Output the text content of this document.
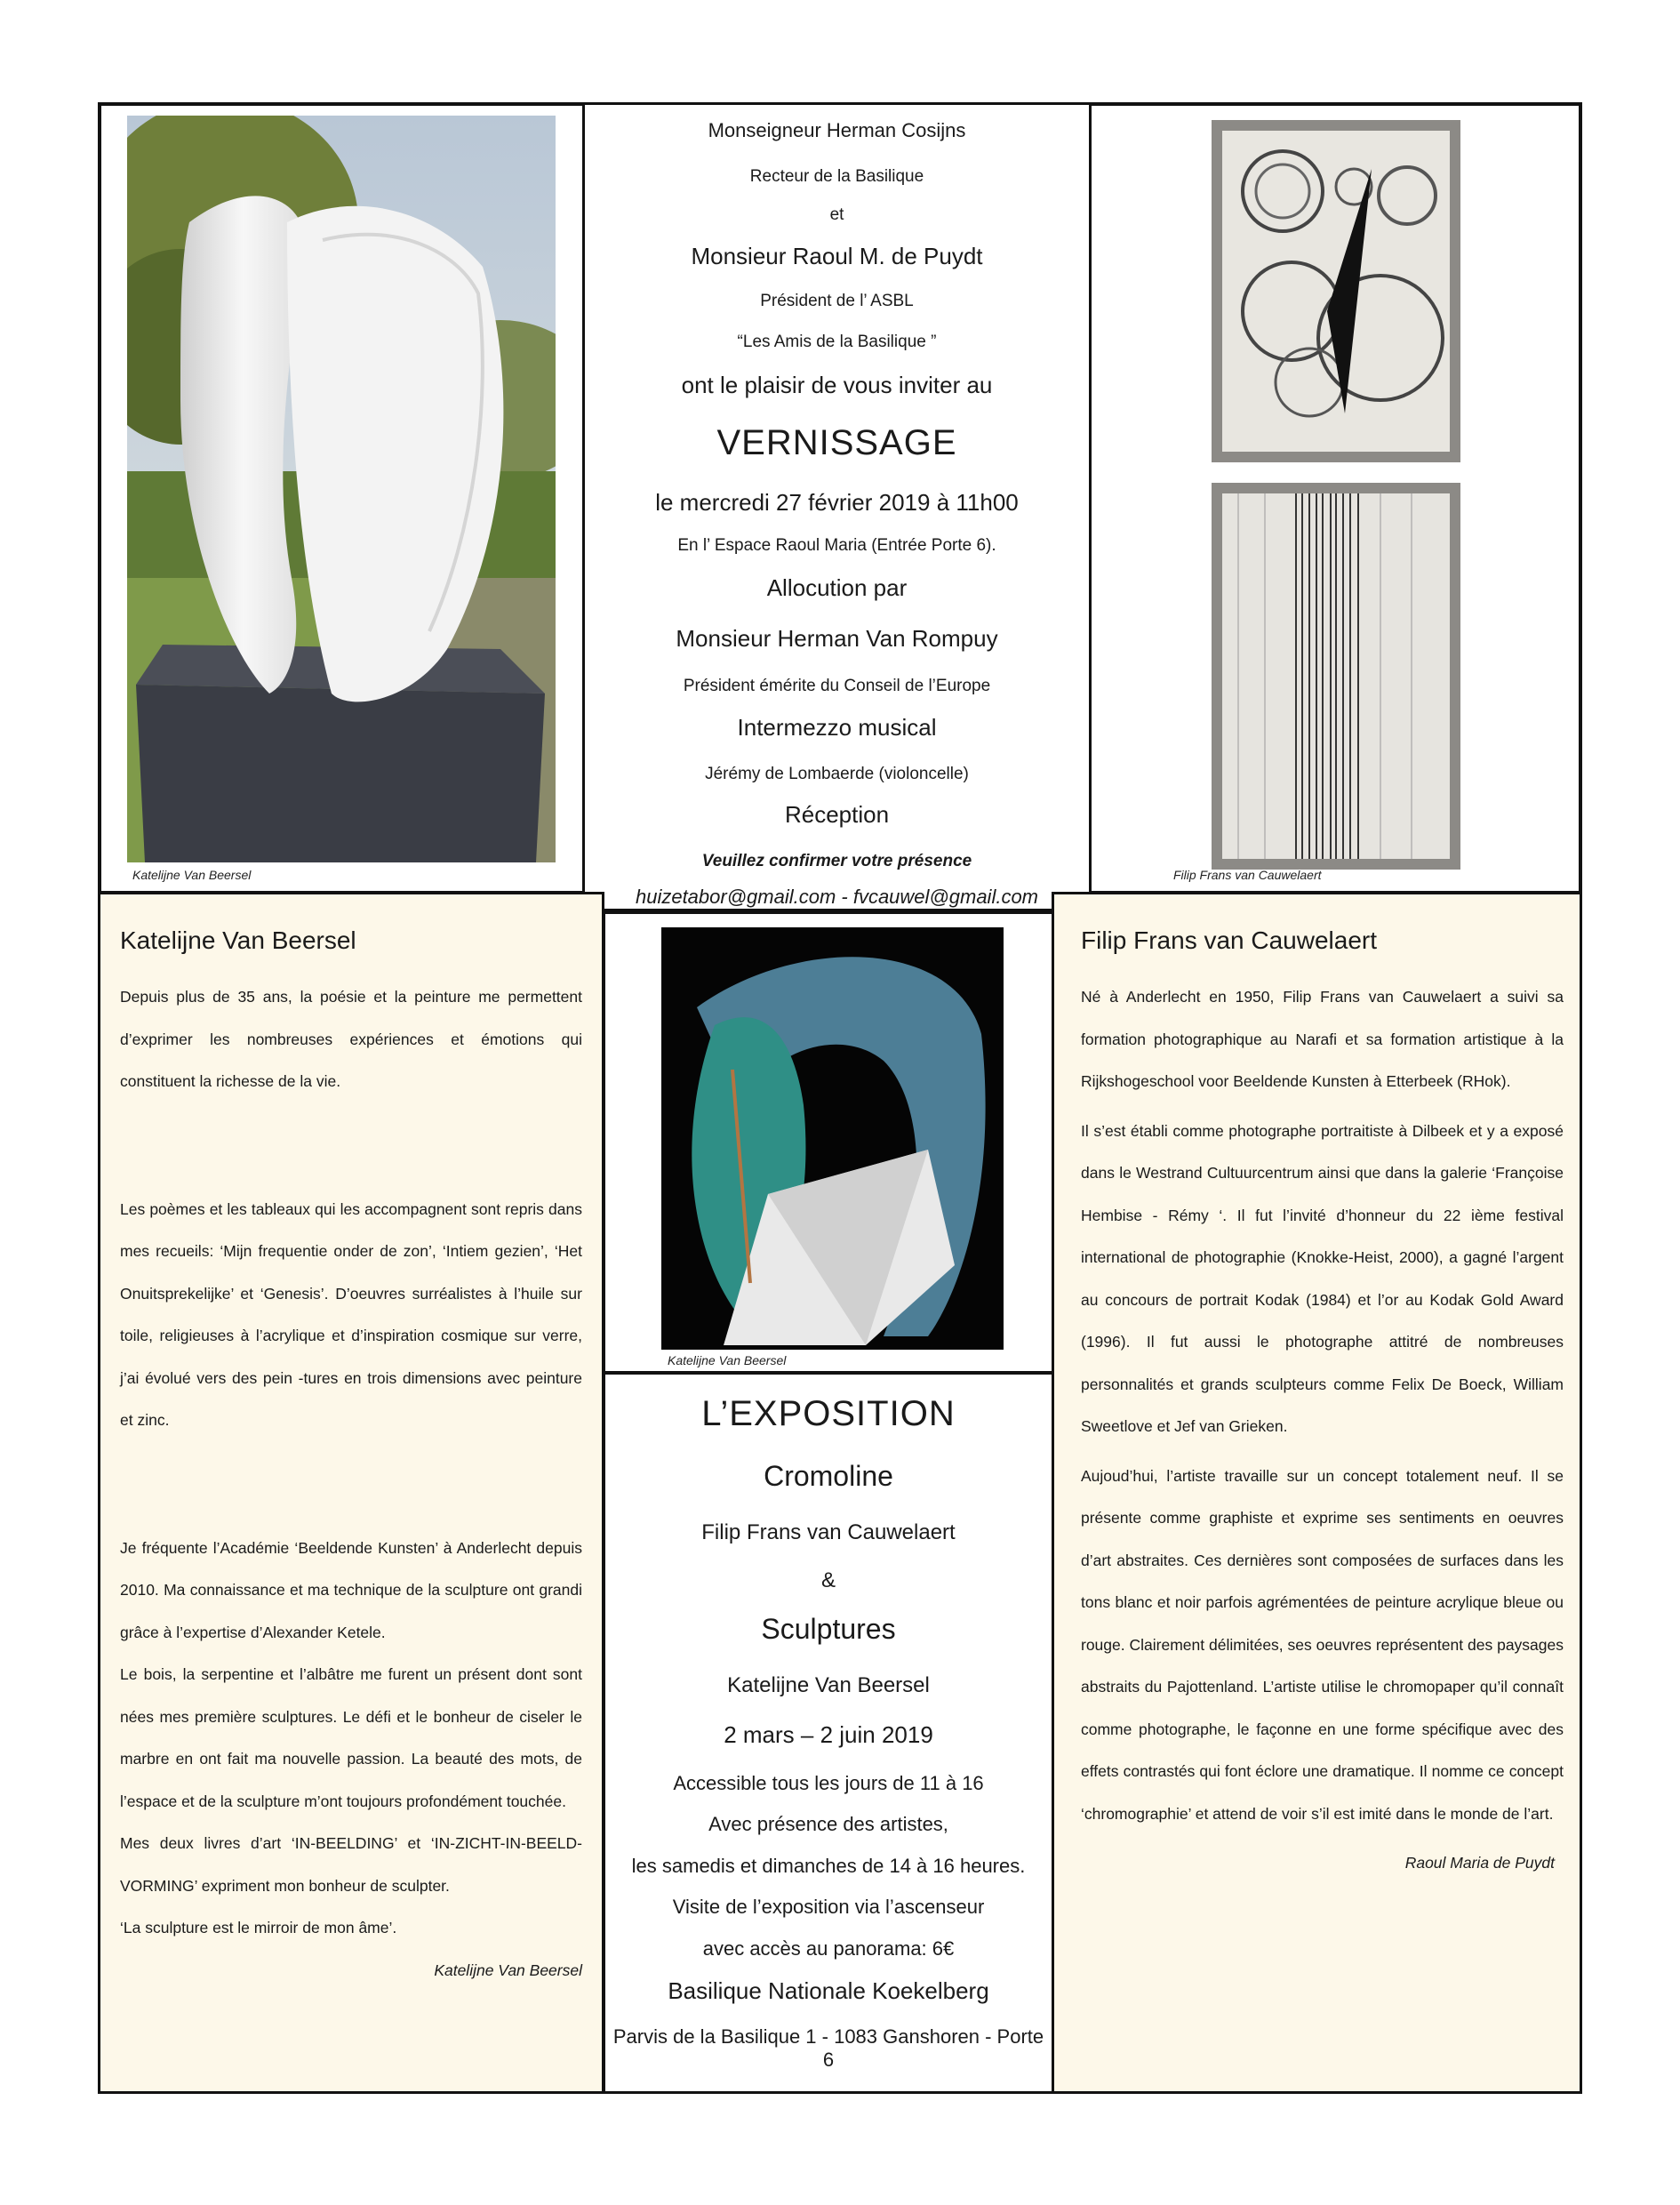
Katelijne Van Beersel
Monseigneur Herman Cosijns
Recteur de la Basilique
et
Monsieur Raoul M. de Puydt
Président de l’ ASBL
“Les Amis de la Basilique ”
ont le plaisir de vous inviter au
VERNISSAGE
le mercredi 27 février 2019 à 11h00
En l’ Espace Raoul Maria (Entrée Porte 6).
Allocution par
Monsieur Herman Van Rompuy
Président émérite du Conseil de l’Europe
Intermezzo musical
Jérémy de Lombaerde (violoncelle)
Réception
Veuillez confirmer votre présence
huizetabor@gmail.com - fvcauwel@gmail.com
Filip Frans van Cauwelaert
Katelijne Van Beersel

Depuis plus de 35 ans, la poésie et la peinture me permettent d’exprimer les nombreuses expériences et émotions qui constituent la richesse de la vie.

Les poèmes et les tableaux qui les accompagnent sont repris dans mes recueils: ‘Mijn frequentie onder de zon’, ‘Intiem gezien’, ‘Het Onuitsprekelijke’ et ‘Genesis’. D’oeuvres surréalistes à l’huile sur toile, religieuses à l’acrylique et d’inspiration cosmique sur verre, j’ai évolué vers des pein -tures en trois dimensions avec peinture et zinc.

Je fréquente l’Académie ‘Beeldende Kunsten’ à Anderlecht depuis 2010. Ma connaissance et ma technique de la sculpture ont grandi grâce à l’expertise d’Alexander Ketele.

Le bois, la serpentine et l’albâtre me furent un présent dont sont nées mes première sculptures. Le défi et le bonheur de ciseler le marbre en ont fait ma nouvelle passion. La beauté des mots, de l’espace et de la sculpture m’ont toujours profondément touchée.

Mes deux livres d’art ‘IN-BEELDING’ et ‘IN-ZICHT-IN-BEELDVORMING’ expriment mon bonheur de sculpter.

‘La sculpture est le mirroir de mon âme’.

Katelijne Van Beersel

Katelijne Van Beersel
L’EXPOSITION
Cromoline
Filip Frans van Cauwelaert
&
Sculptures
Katelijne Van Beersel
2 mars – 2 juin 2019
Accessible tous les jours de 11 à 16
Avec présence des artistes,
les samedis et dimanches de 14 à 16 heures.
Visite de l’exposition via l’ascenseur
avec accès au panorama: 6€
Basilique Nationale Koekelberg
Parvis de la Basilique 1 - 1083 Ganshoren - Porte 6
Filip Frans van Cauwelaert

Né à Anderlecht en 1950, Filip Frans van Cauwelaert a suivi sa formation photographique au Narafi et sa formation artistique à la Rijkshogeschool voor Beeldende Kunsten à Etterbeek (RHok).

Il s’est établi comme photographe portraitiste à Dilbeek et y a exposé dans le Westrand Cultuurcentrum ainsi que dans la galerie ‘Françoise Hembise - Rémy ‘. Il fut l’invité d’honneur du 22 ième festival international de photographie (Knokke-Heist, 2000), a gagné l’argent au concours de portrait Kodak (1984) et l’or au Kodak Gold Award (1996). Il fut aussi le photographe attitré de nombreuses personnalités et grands sculpteurs comme Felix De Boeck, William Sweetlove et Jef van Grieken.

Aujoud’hui, l’artiste travaille sur un concept totalement neuf. Il se présente comme graphiste et exprime ses sentiments en oeuvres d’art abstraites. Ces dernières sont composées de surfaces dans les tons blanc et noir parfois agrémentées de peinture acrylique bleue ou rouge. Clairement délimitées, ses oeuvres représentent des paysages abstraits du Pajottenland. L’artiste utilise le chromopaper qu’il connaît comme photographe, le façonne en une forme spécifique avec des effets contrastés qui font éclore une dramatique. Il nomme ce concept ‘chromographie’ et attend de voir s’il est imité dans le monde de l’art.

Raoul Maria de Puydt
